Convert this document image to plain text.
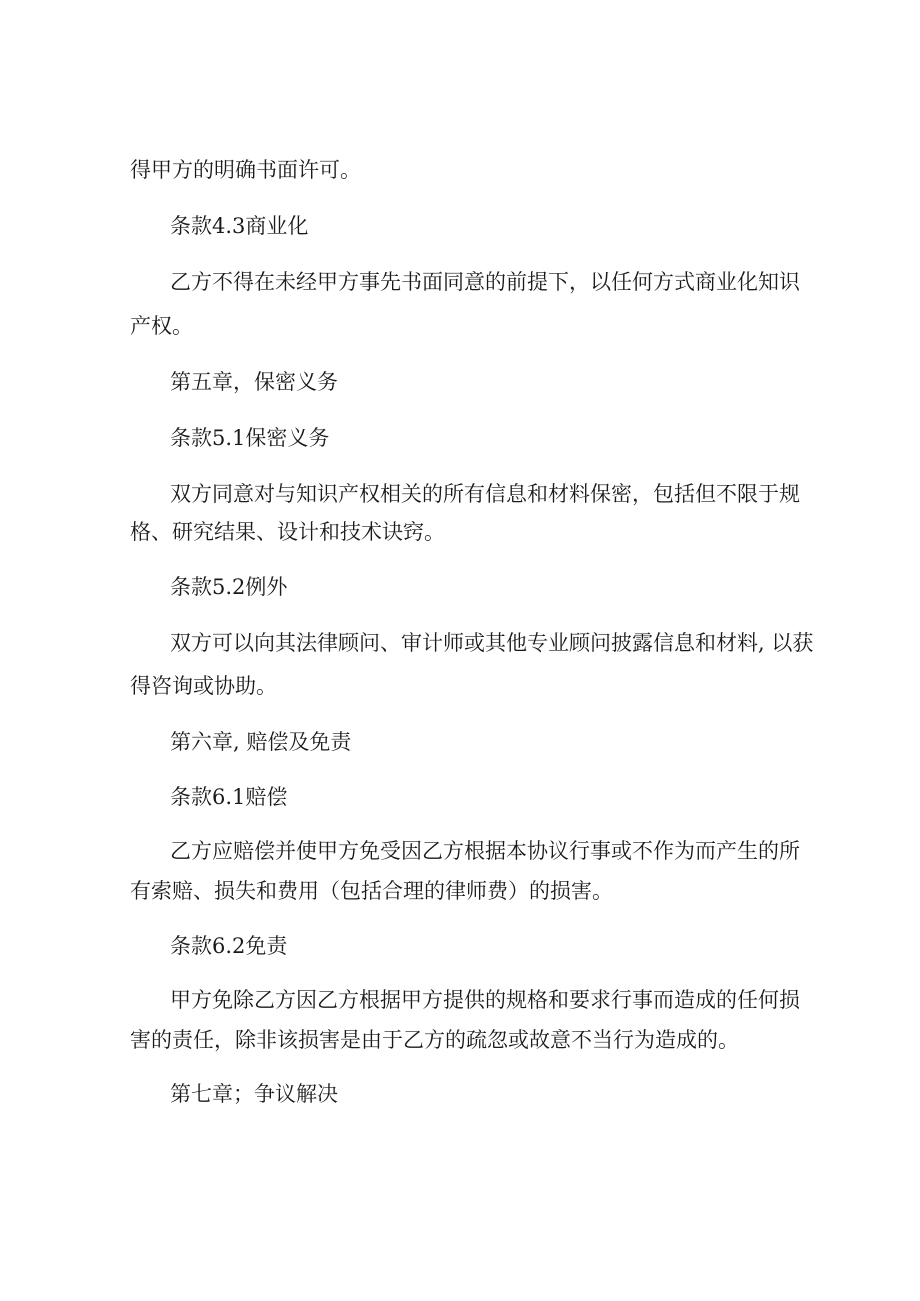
得甲方的明确书面许可。
条款4.3商业化
乙方不得在未经甲方事先书面同意的前提下，以任何方式商业化知识
产权。
第五章，保密义务
条款5.1保密义务
双方同意对与知识产权相关的所有信息和材料保密，包括但不限于规
格、研究结果、设计和技术诀窍。
条款5.2例外
双方可以向其法律顾问、审计师或其他专业顾问披露信息和材料, 以获
得咨询或协助。
第六章, 赔偿及免责
条款6.1赔偿
乙方应赔偿并使甲方免受因乙方根据本协议行事或不作为而产生的所
有索赔、损失和费用（包括合理的律师费）的损害。
条款6.2免责
甲方免除乙方因乙方根据甲方提供的规格和要求行事而造成的任何损
害的责任，除非该损害是由于乙方的疏忽或故意不当行为造成的。
第七章；争议解决
